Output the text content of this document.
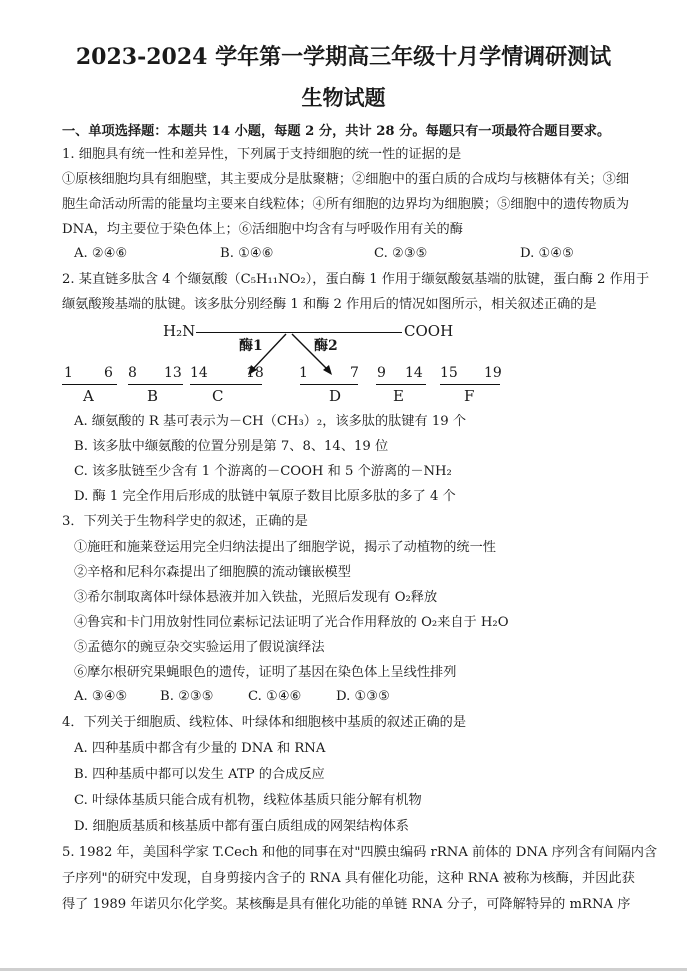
2023-2024 学年第一学期高三年级十月学情调研测试
生物试题
一、单项选择题：本题共 14 小题，每题 2 分，共计 28 分。每题只有一项最符合题目要求。
1. 细胞具有统一性和差异性，下列属于支持细胞的统一性的证据的是
①原核细胞均具有细胞壁，其主要成分是肽聚糖；②细胞中的蛋白质的合成均与核糖体有关；③细
胞生命活动所需的能量均主要来自线粒体；④所有细胞的边界均为细胞膜；⑤细胞中的遗传物质为
DNA，均主要位于染色体上；⑥活细胞中均含有与呼吸作用有关的酶
A. ②④⑥	B. ①④⑥	C. ②③⑤	D. ①④⑤
2. 某直链多肽含 4 个缬氨酸（C₅H₁₁NO₂），蛋白酶 1 作用于缬氨酸氨基端的肽键，蛋白酶 2 作用于
缬氨酸羧基端的肽键。该多肽分别经酶 1 和酶 2 作用后的情况如图所示，相关叙述正确的是
H₂N	COOH
酶1	酶2
1 6
A
8 13
B
14	18
C
1	7
D
9 14
E
15 19
F
A. 缬氨酸的 R 基可表示为－CH（CH₃）₂，该多肽的肽键有 19 个
B. 该多肽中缬氨酸的位置分别是第 7、8、14、19 位
C. 该多肽链至少含有 1 个游离的－COOH 和 5 个游离的－NH₂
D. 酶 1 完全作用后形成的肽链中氧原子数目比原多肽的多了 4 个
3．下列关于生物科学史的叙述，正确的是
①施旺和施莱登运用完全归纳法提出了细胞学说，揭示了动植物的统一性
②辛格和尼科尔森提出了细胞膜的流动镶嵌模型
③希尔制取离体叶绿体悬液并加入铁盐，光照后发现有 O₂释放
④鲁宾和卡门用放射性同位素标记法证明了光合作用释放的 O₂来自于 H₂O
⑤孟德尔的豌豆杂交实验运用了假说演绎法
⑥摩尔根研究果蝇眼色的遗传，证明了基因在染色体上呈线性排列
A. ③④⑤ B. ②③⑤	C. ①④⑥	D. ①③⑤
4．下列关于细胞质、线粒体、叶绿体和细胞核中基质的叙述正确的是
A. 四种基质中都含有少量的 DNA 和 RNA
B. 四种基质中都可以发生 ATP 的合成反应
C. 叶绿体基质只能合成有机物，线粒体基质只能分解有机物
D. 细胞质基质和核基质中都有蛋白质组成的网架结构体系
5. 1982 年，美国科学家 T.Cech 和他的同事在对"四膜虫编码 rRNA 前体的 DNA 序列含有间隔内含
子序列"的研究中发现，自身剪接内含子的 RNA 具有催化功能，这种 RNA 被称为核酶，并因此获
得了 1989 年诺贝尔化学奖。某核酶是具有催化功能的单链 RNA 分子，可降解特异的 mRNA 序
